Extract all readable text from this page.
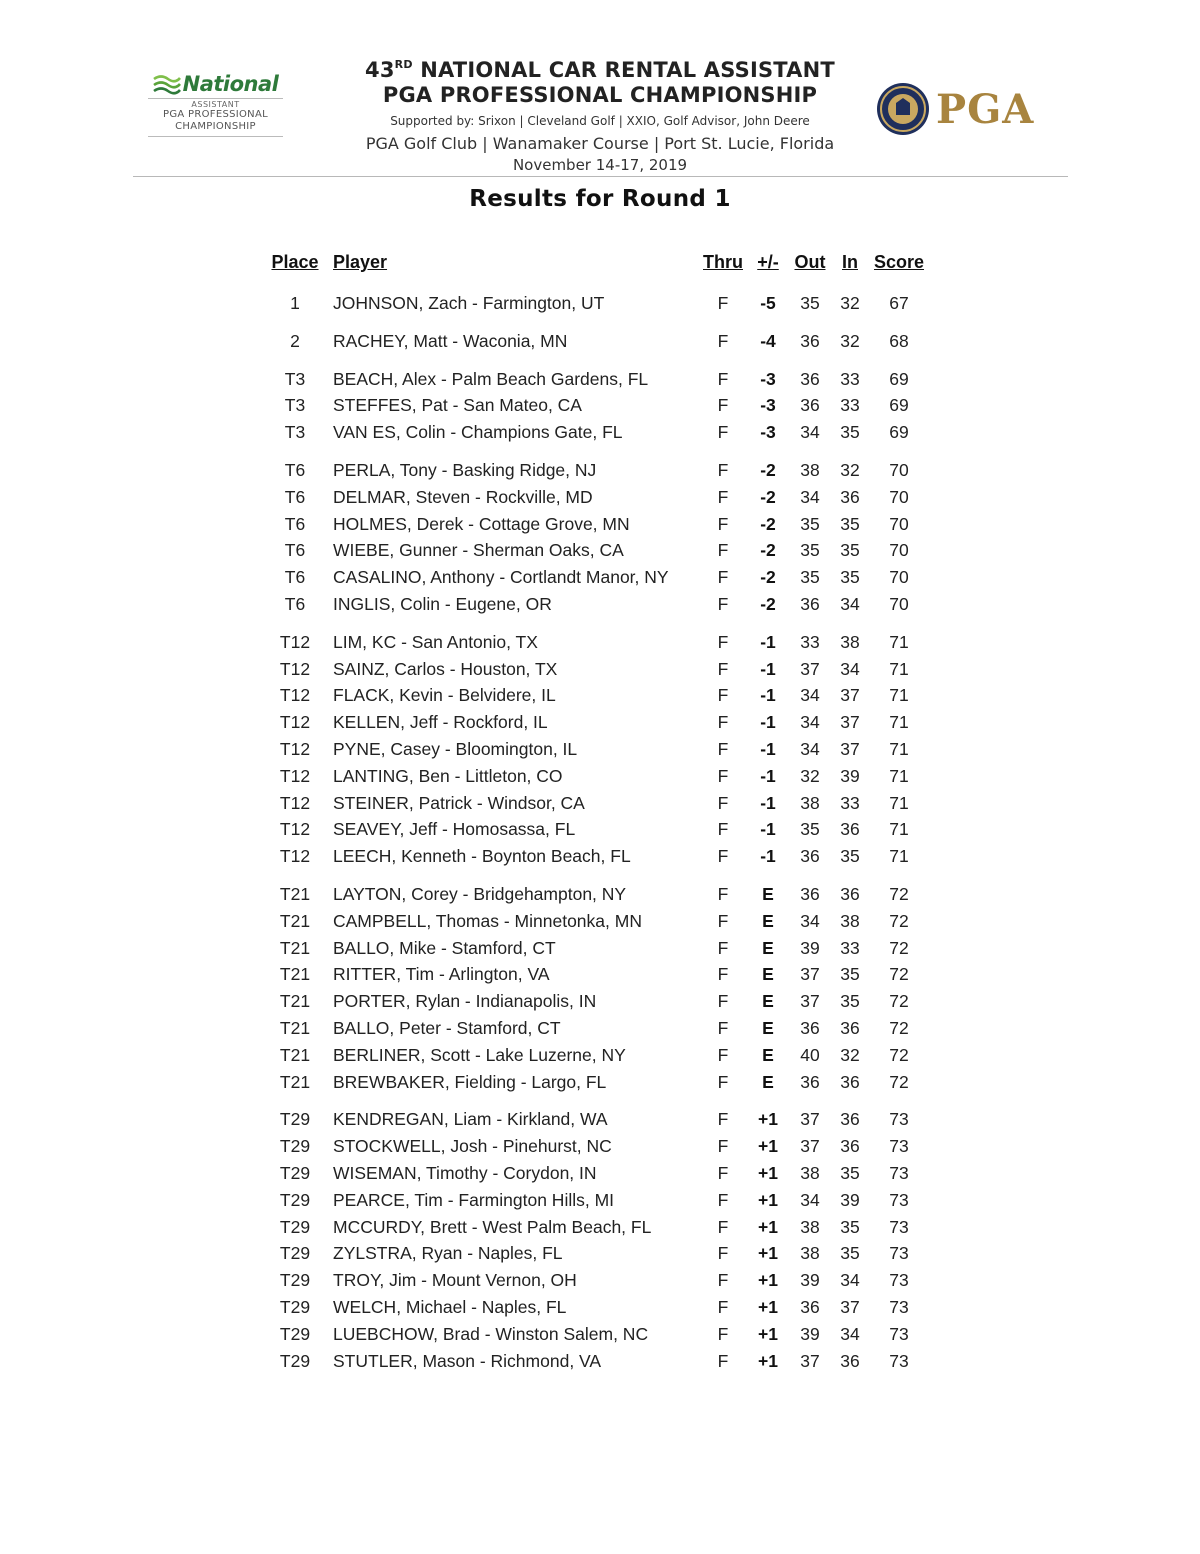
National
ASSISTANT
PGA PROFESSIONAL
CHAMPIONSHIP
43RD NATIONAL CAR RENTAL ASSISTANT
PGA PROFESSIONAL CHAMPIONSHIP
Supported by: Srixon | Cleveland Golf | XXIO, Golf Advisor, John Deere
PGA Golf Club | Wanamaker Course | Port St. Lucie, Florida
November 14-17, 2019
PGA
Results for Round 1
Place Player	Thru +/- Out In Score
1	JOHNSON, Zach - Farmington, UT	F	-5	35	32	67
2	RACHEY, Matt - Waconia, MN	F	-4	36	32	68
T3	BEACH, Alex - Palm Beach Gardens, FL	F	-3	36	33	69
T3	STEFFES, Pat - San Mateo, CA	F	-3	36	33	69
T3	VAN ES, Colin - Champions Gate, FL	F	-3	34	35	69
T6	PERLA, Tony - Basking Ridge, NJ	F	-2	38	32	70
T6	DELMAR, Steven - Rockville, MD	F	-2	34	36	70
T6	HOLMES, Derek - Cottage Grove, MN	F	-2	35	35	70
T6	WIEBE, Gunner - Sherman Oaks, CA	F	-2	35	35	70
T6	CASALINO, Anthony - Cortlandt Manor, NY	F	-2	35	35	70
T6	INGLIS, Colin - Eugene, OR	F	-2	36	34	70
T12	LIM, KC - San Antonio, TX	F	-1	33	38	71
T12	SAINZ, Carlos - Houston, TX	F	-1	37	34	71
T12	FLACK, Kevin - Belvidere, IL	F	-1	34	37	71
T12	KELLEN, Jeff - Rockford, IL	F	-1	34	37	71
T12	PYNE, Casey - Bloomington, IL	F	-1	34	37	71
T12	LANTING, Ben - Littleton, CO	F	-1	32	39	71
T12	STEINER, Patrick - Windsor, CA	F	-1	38	33	71
T12	SEAVEY, Jeff - Homosassa, FL	F	-1	35	36	71
T12	LEECH, Kenneth - Boynton Beach, FL	F	-1	36	35	71
T21	LAYTON, Corey - Bridgehampton, NY	F	E	36	36	72
T21	CAMPBELL, Thomas - Minnetonka, MN	F	E	34	38	72
T21	BALLO, Mike - Stamford, CT	F	E	39	33	72
T21	RITTER, Tim - Arlington, VA	F	E	37	35	72
T21	PORTER, Rylan - Indianapolis, IN	F	E	37	35	72
T21	BALLO, Peter - Stamford, CT	F	E	36	36	72
T21	BERLINER, Scott - Lake Luzerne, NY	F	E	40	32	72
T21	BREWBAKER, Fielding - Largo, FL	F	E	36	36	72
T29	KENDREGAN, Liam - Kirkland, WA	F	+1	37	36	73
T29	STOCKWELL, Josh - Pinehurst, NC	F	+1	37	36	73
T29	WISEMAN, Timothy - Corydon, IN	F	+1	38	35	73
T29	PEARCE, Tim - Farmington Hills, MI	F	+1	34	39	73
T29	MCCURDY, Brett - West Palm Beach, FL	F	+1	38	35	73
T29	ZYLSTRA, Ryan - Naples, FL	F	+1	38	35	73
T29	TROY, Jim - Mount Vernon, OH	F	+1	39	34	73
T29	WELCH, Michael - Naples, FL	F	+1	36	37	73
T29	LUEBCHOW, Brad - Winston Salem, NC	F	+1	39	34	73
T29	STUTLER, Mason - Richmond, VA	F	+1	37	36	73
